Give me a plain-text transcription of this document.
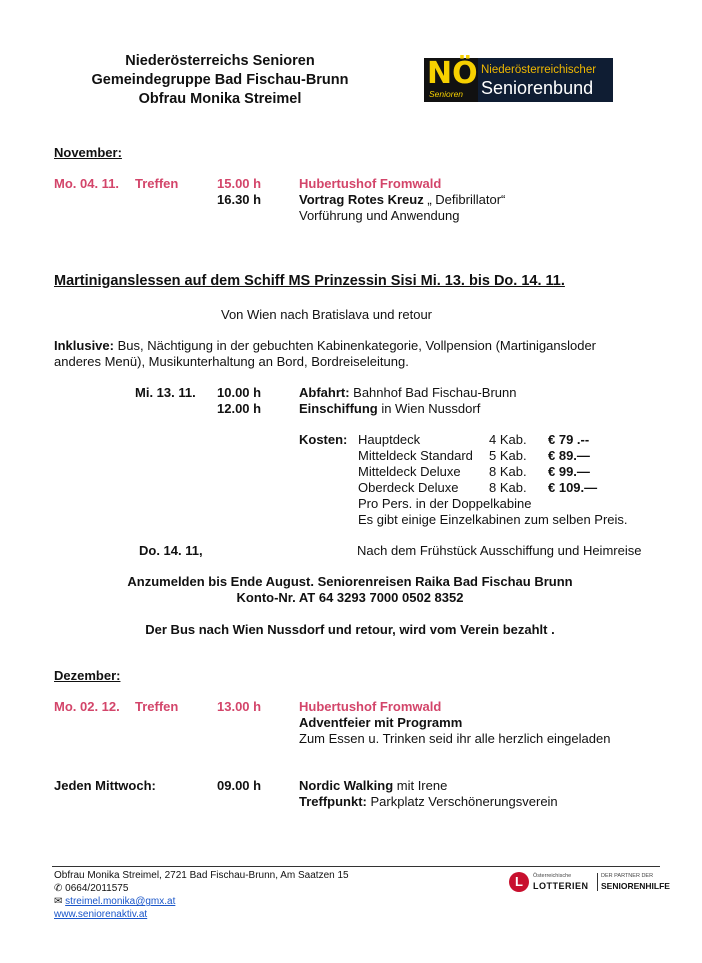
Niederösterreichs Senioren
Gemeindegruppe Bad Fischau-Brunn
Obfrau Monika Streimel
NÖ
Senioren
Niederösterreichischer
Seniorenbund
November:
Mo. 04. 11. Treffen	15.00 h	Hubertushof Fromwald
16.30 h	Vortrag Rotes Kreuz „ Defibrillator“
Vorführung und Anwendung
Martiniganslessen auf dem Schiff MS Prinzessin Sisi Mi. 13. bis Do. 14. 11.
Von Wien nach Bratislava und retour
Inklusive: Bus, Nächtigung in der gebuchten Kabinenkategorie, Vollpension (Martiniganslоder
anderes Menü), Musikunterhaltung an Bord, Bordreiseleitung.
Mi. 13. 11. 10.00 h	Abfahrt: Bahnhof Bad Fischau-Brunn
12.00 h	Einschiffung in Wien Nussdorf
Kosten: Hauptdeck	4 Kab. € 79 .--
Mitteldeck Standard 5 Kab. € 89.—
Mitteldeck Deluxe 8 Kab. € 99.—
Oberdeck Deluxe 8 Kab. € 109.—
Pro Pers. in der Doppelkabine
Es gibt einige Einzelkabinen zum selben Preis.
Do. 14. 11,	Nach dem Frühstück Ausschiffung und Heimreise
Anzumelden bis Ende August. Seniorenreisen Raika Bad Fischau Brunn
Konto-Nr. AT 64 3293 7000 0502 8352
Der Bus nach Wien Nussdorf und retour, wird vom Verein bezahlt .
Dezember:
Mo. 02. 12. Treffen	13.00 h	Hubertushof Fromwald
Adventfeier mit Programm
Zum Essen u. Trinken seid ihr alle herzlich eingeladen
Jeden Mittwoch:	09.00 h	Nordic Walking mit Irene
Treffpunkt: Parkplatz Verschönerungsverein
Obfrau Monika Streimel, 2721 Bad Fischau-Brunn, Am Saatzen 15
✆ 0664/2011575
✉ streimel.monika@gmx.at
www.seniorenaktiv.at
L	Österreichische
LOTTERIEN
DER PARTNER DER
SENIORENHILFE
